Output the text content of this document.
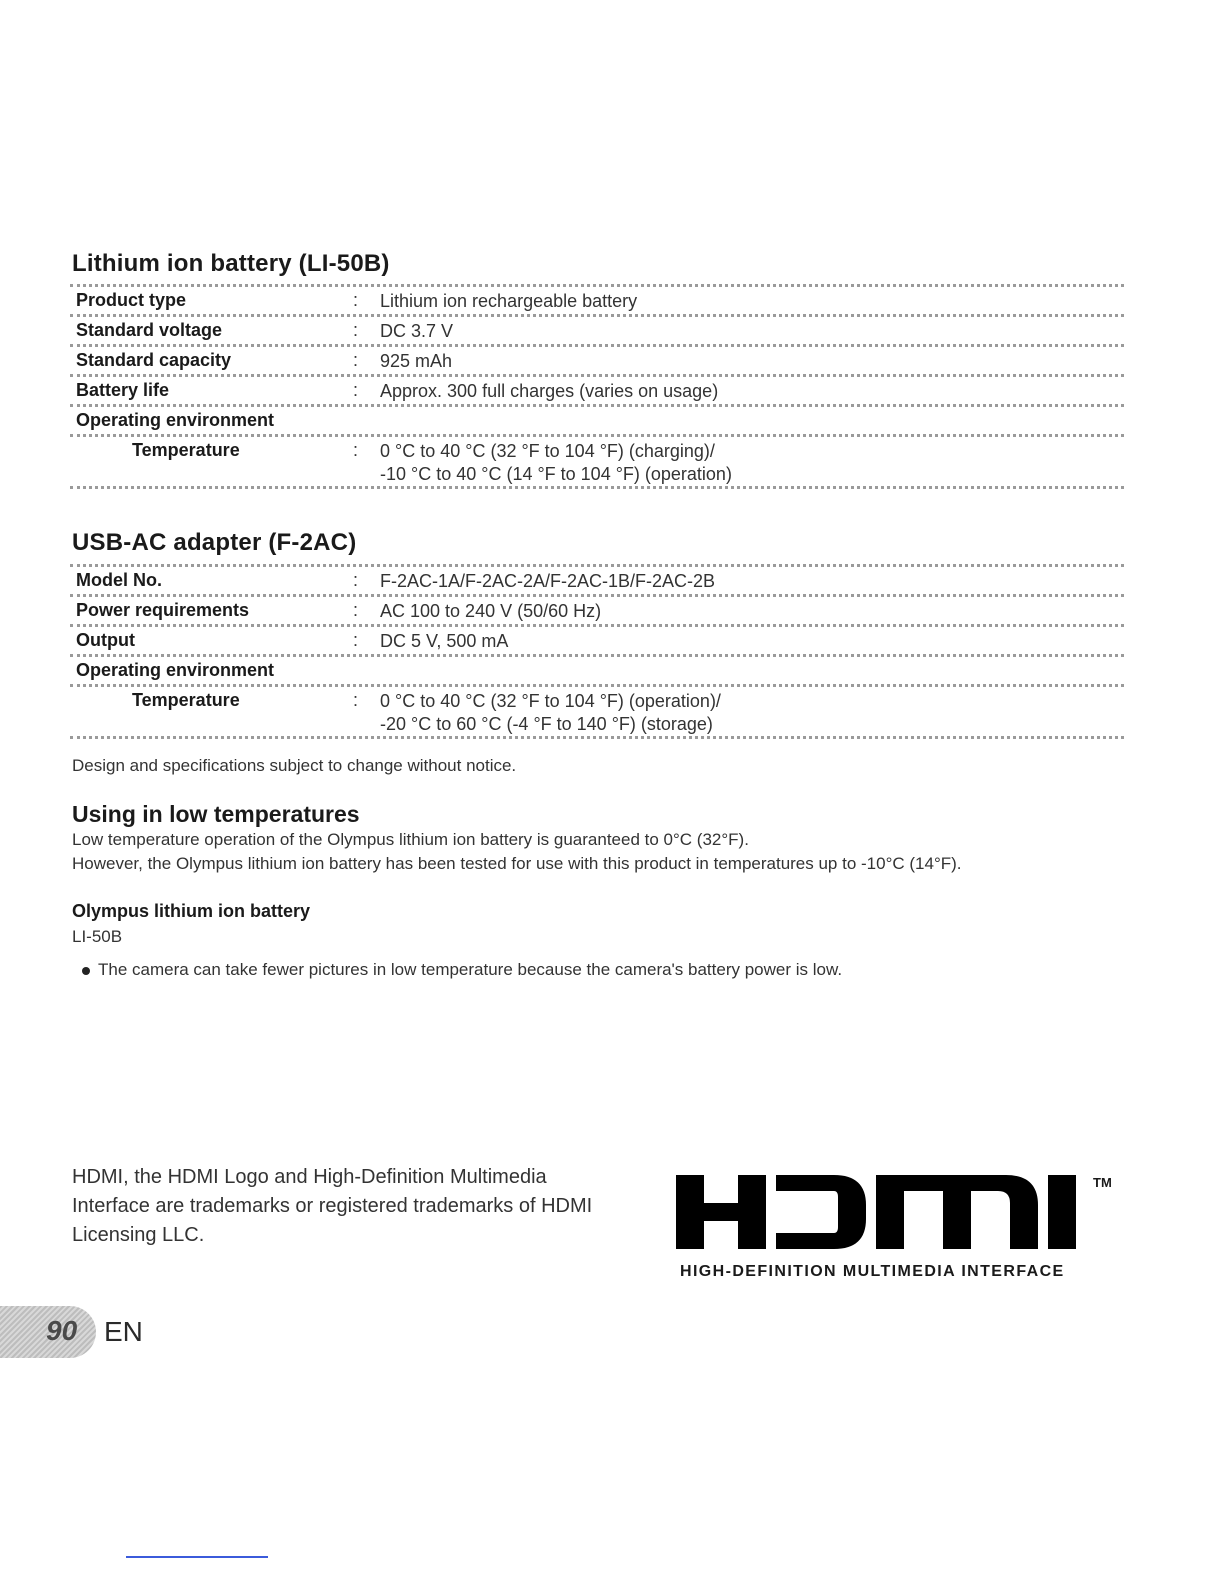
Lithium ion battery (LI-50B)
Product type	: Lithium ion rechargeable battery
Standard voltage	: DC 3.7 V
Standard capacity	: 925 mAh
Battery life	: Approx. 300 full charges (varies on usage)
Operating environment
Temperature	: 0 °C to 40 °C (32 °F to 104 °F) (charging)/
-10 °C to 40 °C (14 °F to 104 °F) (operation)
USB-AC adapter (F-2AC)
Model No.	: F-2AC-1A/F-2AC-2A/F-2AC-1B/F-2AC-2B
Power requirements	: AC 100 to 240 V (50/60 Hz)
Output	: DC 5 V, 500 mA
Operating environment
Temperature	: 0 °C to 40 °C (32 °F to 104 °F) (operation)/
-20 °C to 60 °C (-4 °F to 140 °F) (storage)
Design and specifications subject to change without notice.
Using in low temperatures
Low temperature operation of the Olympus lithium ion battery is guaranteed to 0°C (32°F).
However, the Olympus lithium ion battery has been tested for use with this product in temperatures up to -10°C (14°F).
Olympus lithium ion battery
LI-50B
The camera can take fewer pictures in low temperature because the camera's battery power is low.
HDMI, the HDMI Logo and High-Definition Multimedia Interface are trademarks or registered trademarks of HDMI Licensing LLC.
TM
HIGH-DEFINITION MULTIMEDIA INTERFACE
90 EN
